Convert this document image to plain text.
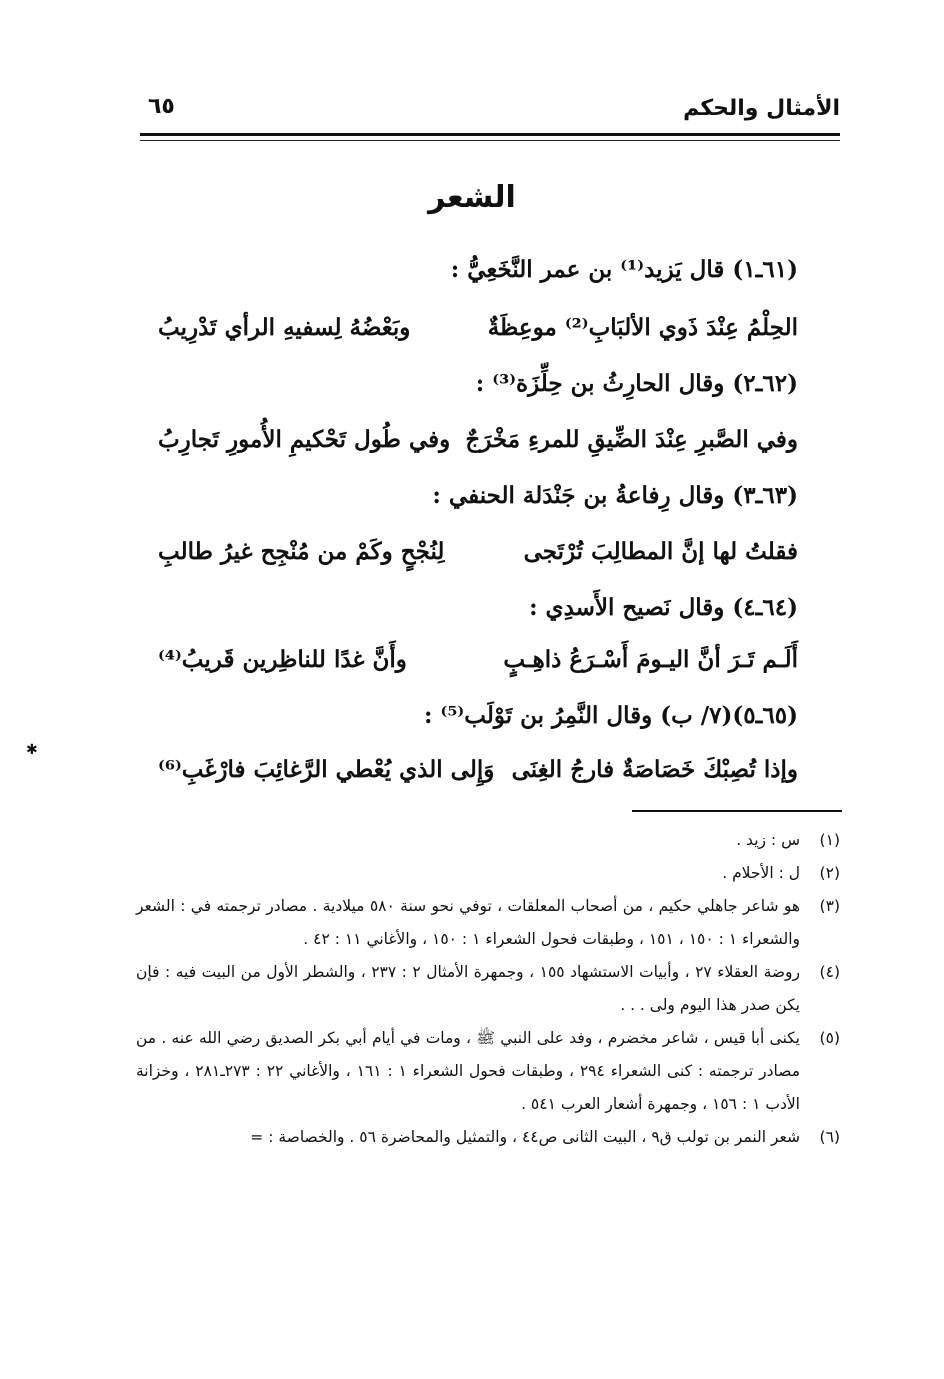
الأمثال والحكم
٦٥
الشعر
(٦١ـ١) قال يَزيد⁽¹⁾ بن عمر النَّخَعِيُّ :
الحِلْمُ عِنْدَ ذَوي الألبَابِ⁽²⁾ موعِظَةٌ
وبَعْضُهُ لِسفيهِ الرأي تَدْرِيبُ
(٦٢ـ٢) وقال الحارِثُ بن حِلِّزَة⁽³⁾ :
وفي الصَّبرِ عِنْدَ الضِّيقِ للمرءِ مَخْرَجٌ
وفي طُول تَحْكيمِ الأُمورِ تَجارِبُ
(٦٣ـ٣) وقال رِفاعةُ بن جَنْدَلة الحنفي :
فقلتُ لها إنَّ المطالِبَ تُرْتَجى
لِنُجْحٍ وكَمْ من مُنْجِح غيرُ طالبِ
(٦٤ـ٤) وقال نَصيح الأَسدِي :
أَلَـم تَـرَ أنَّ اليـومَ أَسْـرَعُ ذاهِـبٍ
وأَنَّ غدًا للناظِرين قَريبُ⁽⁴⁾
(٦٥ـ٥)(٧/ ب) وقال النَّمِرُ بن تَوْلَب⁽⁵⁾ :
وإذا تُصِبْكَ خَصَاصَةٌ فارجُ الغِنَى
وَإِلى الذي يُعْطي الرَّغائِبَ فارْغَبِ⁽⁶⁾
✱
(١)
س : زيد .
(٢)
ل : الأحلام .
(٣)
هو شاعر جاهلي حكيم ، من أصحاب المعلقات ، توفي نحو سنة ٥٨٠ ميلادية . مصادر ترجمته في : الشعر والشعراء ١ : ١٥٠ ، ١٥١ ، وطبقات فحول الشعراء ١ : ١٥٠ ، والأغاني ١١ : ٤٢ .
(٤)
روضة العقلاء ٢٧ ، وأبيات الاستشهاد ١٥٥ ، وجمهرة الأمثال ٢ : ٢٣٧ ، والشطر الأول من البيت فيه : فإن يكن صدر هذا اليوم ولى . . .
(٥)
يكنى أبا قيس ، شاعر مخضرم ، وفد على النبي ﷺ ، ومات في أيام أبي بكر الصديق رضي الله عنه . من مصادر ترجمته : كنى الشعراء ٢٩٤ ، وطبقات فحول الشعراء ١ : ١٦١ ، والأغاني ٢٢ : ٢٧٣ـ٢٨١ ، وخزانة الأدب ١ : ١٥٦ ، وجمهرة أشعار العرب ٥٤١ .
(٦)
شعر النمر بن تولب ق٩ ، البيت الثانى ص٤٤ ، والتمثيل والمحاضرة ٥٦ . والخصاصة : =
